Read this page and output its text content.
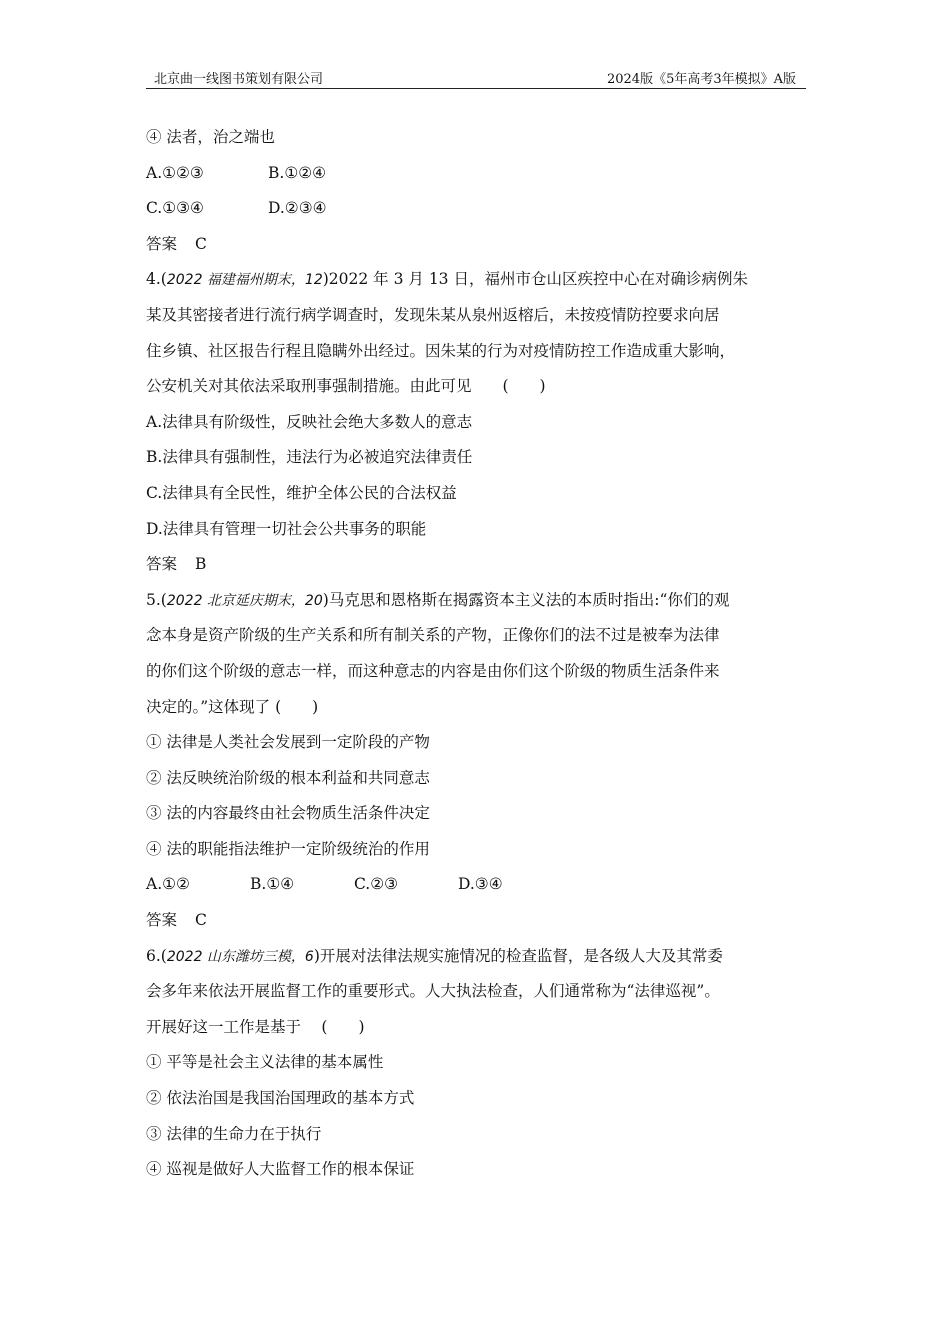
北京曲一线图书策划有限公司	2024版《5年高考3年模拟》A版
④ 法者，治之端也
A.①②③	B.①②④
C.①③④	D.②③④
答案 C
4.(2022 福建福州期末，12)2022 年 3 月 13 日，福州市仓山区疾控中心在对确诊病例朱
某及其密接者进行流行病学调查时，发现朱某从泉州返榕后，未按疫情防控要求向居
住乡镇、社区报告行程且隐瞒外出经过。因朱某的行为对疫情防控工作造成重大影响，
公安机关对其依法采取刑事强制措施。由此可见　　(　　)
A.法律具有阶级性，反映社会绝大多数人的意志
B.法律具有强制性，违法行为必被追究法律责任
C.法律具有全民性，维护全体公民的合法权益
D.法律具有管理一切社会公共事务的职能
答案 B
5.(2022 北京延庆期末，20)马克思和恩格斯在揭露资本主义法的本质时指出:“你们的观
念本身是资产阶级的生产关系和所有制关系的产物，正像你们的法不过是被奉为法律
的你们这个阶级的意志一样，而这种意志的内容是由你们这个阶级的物质生活条件来
决定的。”这体现了 (　　)
① 法律是人类社会发展到一定阶段的产物
② 法反映统治阶级的根本利益和共同意志
③ 法的内容最终由社会物质生活条件决定
④ 法的职能指法维护一定阶级统治的作用
A.①②	B.①④	C.②③	D.③④
答案 C
6.(2022 山东潍坊三模，6)开展对法律法规实施情况的检查监督，是各级人大及其常委
会多年来依法开展监督工作的重要形式。人大执法检查，人们通常称为“法律巡视”。
开展好这一工作是基于　 (　　)
① 平等是社会主义法律的基本属性
② 依法治国是我国治国理政的基本方式
③ 法律的生命力在于执行
④ 巡视是做好人大监督工作的根本保证
